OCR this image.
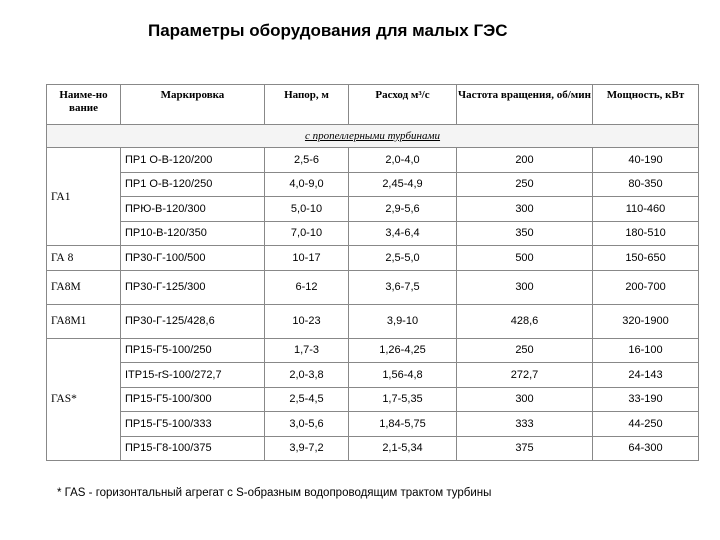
Параметры оборудования для малых ГЭС
Наиме-но вание	Маркировка	Напор, м	Расход м³/с	Частота вращения, об/мин	Мощность, кВт
с пропеллерными турбинами					
ГА1	ПР1 О-В-120/200	2,5-6	2,0-4,0	200	40-190
	ПР1 О-В-120/250	4,0-9,0	2,45-4,9	250	80-350
	ПРЮ-В-120/300	5,0-10	2,9-5,6	300	110-460
	ПР10-В-120/350	7,0-10	3,4-6,4	350	180-510
ГА 8	ПР30-Г-100/500	10-17	2,5-5,0	500	150-650
ГА8М	ПР30-Г-125/300	6-12	3,6-7,5	300	200-700
ГА8М1	ПР30-Г-125/428,6	10-23	3,9-10	428,6	320-1900
ГАS*	ПР15-Г5-100/250	1,7-3	1,26-4,25	250	16-100
	ITP15-rS-100/272,7	2,0-3,8	1,56-4,8	272,7	24-143
	ПР15-Г5-100/300	2,5-4,5	1,7-5,35	300	33-190
	ПР15-Г5-100/333	3,0-5,6	1,84-5,75	333	44-250
	ПР15-Г8-100/375	3,9-7,2	2,1-5,34	375	64-300
* ГАS - горизонтальный агрегат с S-образным водопроводящим трактом турбины
